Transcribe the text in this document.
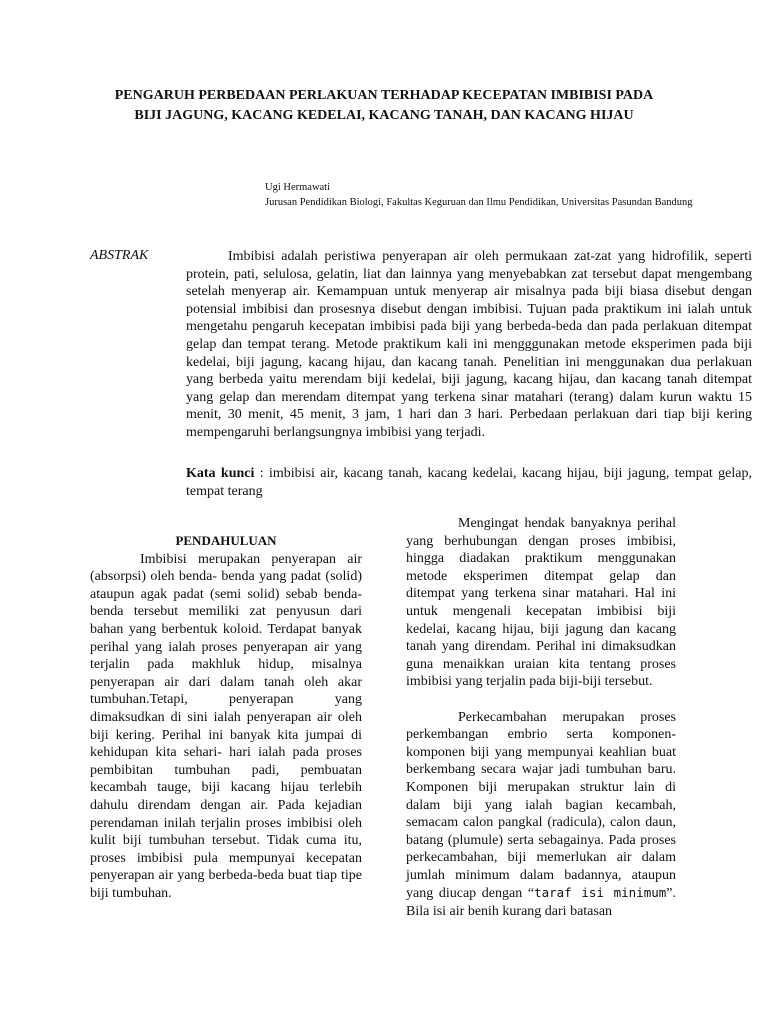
PENGARUH PERBEDAAN PERLAKUAN TERHADAP KECEPATAN IMBIBISI PADA BIJI JAGUNG, KACANG KEDELAI, KACANG TANAH, DAN KACANG HIJAU
Ugi Hermawati
Jurusan Pendidikan Biologi, Fakultas Keguruan dan Ilmu Pendidikan, Universitas Pasundan Bandung

ABSTRAK	Imbibisi adalah peristiwa penyerapan air oleh permukaan zat-zat yang hidrofilik, seperti protein, pati, selulosa, gelatin, liat dan lainnya yang menyebabkan zat tersebut dapat mengembang setelah menyerap air. Kemampuan untuk menyerap air misalnya pada biji biasa disebut dengan potensial imbibisi dan prosesnya disebut dengan imbibisi. Tujuan pada praktikum ini ialah untuk mengetahu pengaruh kecepatan imbibisi pada biji yang berbeda-beda dan pada perlakuan ditempat gelap dan tempat terang. Metode praktikum kali ini mengggunakan metode eksperimen pada biji kedelai, biji jagung, kacang hijau, dan kacang tanah. Penelitian ini menggunakan dua perlakuan yang berbeda yaitu merendam biji kedelai, biji jagung, kacang hijau, dan kacang tanah ditempat yang gelap dan merendam ditempat yang terkena sinar matahari (terang) dalam kurun waktu 15 menit, 30 menit, 45 menit, 3 jam, 1 hari dan 3 hari. Perbedaan perlakuan dari tiap biji kering mempengaruhi berlangsungnya imbibisi yang terjadi.

Kata kunci : imbibisi air, kacang tanah, kacang kedelai, kacang hijau, biji jagung, tempat gelap, tempat terang

PENDAHULUAN

Imbibisi merupakan penyerapan air (absorpsi) oleh benda- benda yang padat (solid) ataupun agak padat (semi solid) sebab benda- benda tersebut memiliki zat penyusun dari bahan yang berbentuk koloid. Terdapat banyak perihal yang ialah proses penyerapan air yang terjalin pada makhluk hidup, misalnya penyerapan air dari dalam tanah oleh akar tumbuhan.Tetapi, penyerapan yang dimaksudkan di sini ialah penyerapan air oleh biji kering. Perihal ini banyak kita jumpai di kehidupan kita sehari- hari ialah pada proses pembibitan tumbuhan padi, pembuatan kecambah tauge, biji kacang hijau terlebih dahulu direndam dengan air. Pada kejadian perendaman inilah terjalin proses imbibisi oleh kulit biji tumbuhan tersebut. Tidak cuma itu, proses imbibisi pula mempunyai kecepatan penyerapan air yang berbeda-beda buat tiap tipe biji tumbuhan.

Mengingat hendak banyaknya perihal yang berhubungan dengan proses imbibisi, hingga diadakan praktikum menggunakan metode eksperimen ditempat gelap dan ditempat yang terkena sinar matahari. Hal ini untuk mengenali kecepatan imbibisi biji kedelai, kacang hijau, biji jagung dan kacang tanah yang direndam. Perihal ini dimaksudkan guna menaikkan uraian kita tentang proses imbibisi yang terjalin pada biji-biji tersebut.

Perkecambahan merupakan proses perkembangan embrio serta komponen-komponen biji yang mempunyai keahlian buat berkembang secara wajar jadi tumbuhan baru. Komponen biji merupakan struktur lain di dalam biji yang ialah bagian kecambah, semacam calon pangkal (radicula), calon daun, batang (plumule) serta sebagainya. Pada proses perkecambahan, biji memerlukan air dalam jumlah minimum dalam badannya, ataupun yang diucap dengan “taraf isi minimum”. Bila isi air benih kurang dari batasan
